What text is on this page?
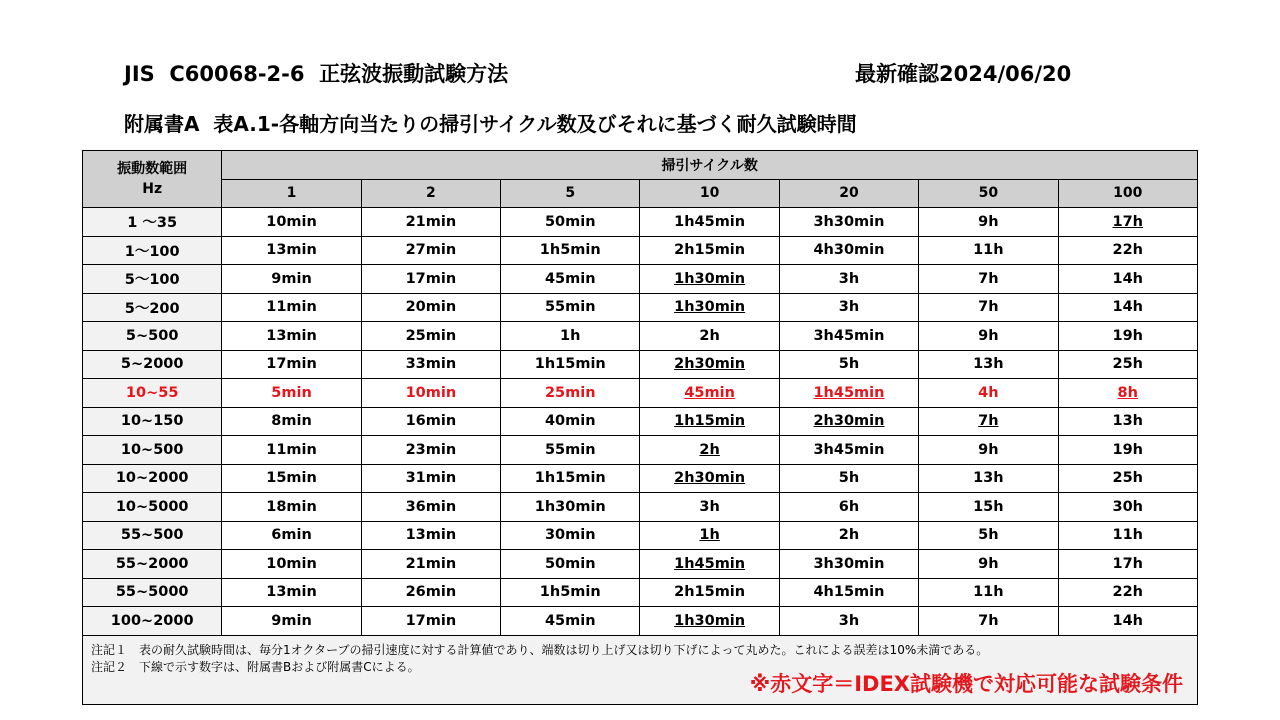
JIS  C60068-2-6  正弦波振動試験方法	最新確認2024/06/20
附属書A  表A.1-各軸方向当たりの掃引サイクル数及びそれに基づく耐久試験時間
振動数範囲
Hz	掃引サイクル数						
	1	2	5	10	20	50	100
1 ～35	10min	21min	50min	1h45min	3h30min	9h	17h
1～100	13min	27min	1h5min	2h15min	4h30min	11h	22h
5～100	9min	17min	45min	1h30min	3h	7h	14h
5～200	11min	20min	55min	1h30min	3h	7h	14h
5~500	13min	25min	1h	2h	3h45min	9h	19h
5~2000	17min	33min	1h15min	2h30min	5h	13h	25h
10~55	5min	10min	25min	45min	1h45min	4h	8h
10~150	8min	16min	40min	1h15min	2h30min	7h	13h
10~500	11min	23min	55min	2h	3h45min	9h	19h
10~2000	15min	31min	1h15min	2h30min	5h	13h	25h
10~5000	18min	36min	1h30min	3h	6h	15h	30h
55~500	6min	13min	30min	1h	2h	5h	11h
55~2000	10min	21min	50min	1h45min	3h30min	9h	17h
55~5000	13min	26min	1h5min	2h15min	4h15min	11h	22h
100~2000	9min	17min	45min	1h30min	3h	7h	14h

注記１　表の耐久試験時間は、毎分1オクターブの掃引速度に対する計算値であり、端数は切り上げ又は切り下げによって丸めた。これによる誤差は10%未満である。
注記２　下線で示す数字は、附属書Bおよび附属書Cによる。
※赤文字＝IDEX試験機で対応可能な試験条件							
